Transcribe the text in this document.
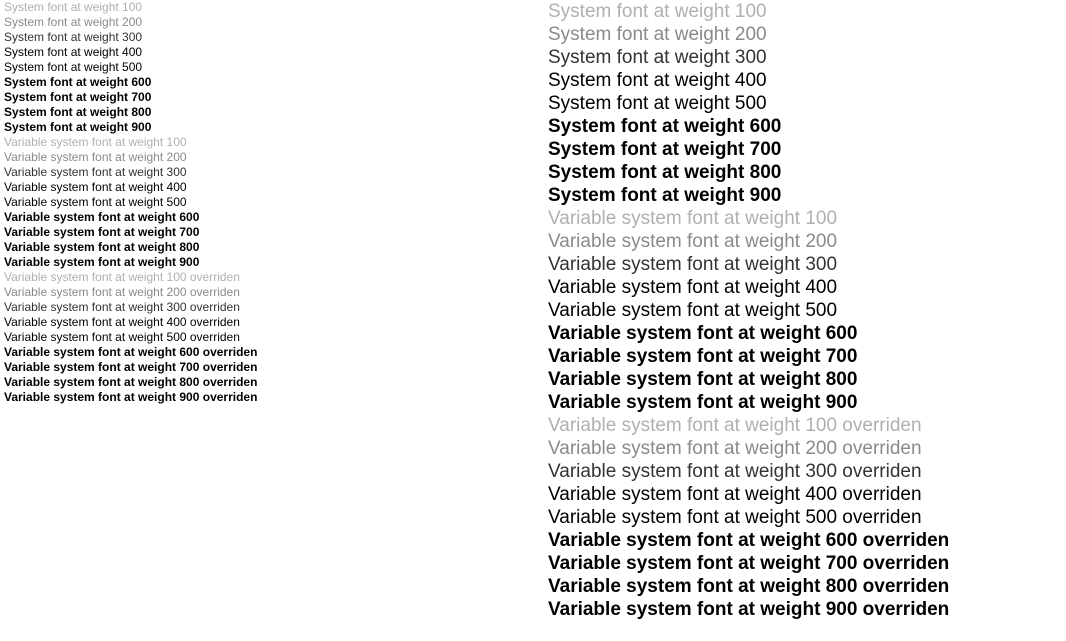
System font at weight 100
System font at weight 200
System font at weight 300
System font at weight 400
System font at weight 500
System font at weight 600
System font at weight 700
System font at weight 800
System font at weight 900
Variable system font at weight 100
Variable system font at weight 200
Variable system font at weight 300
Variable system font at weight 400
Variable system font at weight 500
Variable system font at weight 600
Variable system font at weight 700
Variable system font at weight 800
Variable system font at weight 900
Variable system font at weight 100 overriden
Variable system font at weight 200 overriden
Variable system font at weight 300 overriden
Variable system font at weight 400 overriden
Variable system font at weight 500 overriden
Variable system font at weight 600 overriden
Variable system font at weight 700 overriden
Variable system font at weight 800 overriden
Variable system font at weight 900 overriden
System font at weight 100
System font at weight 200
System font at weight 300
System font at weight 400
System font at weight 500
System font at weight 600
System font at weight 700
System font at weight 800
System font at weight 900
Variable system font at weight 100
Variable system font at weight 200
Variable system font at weight 300
Variable system font at weight 400
Variable system font at weight 500
Variable system font at weight 600
Variable system font at weight 700
Variable system font at weight 800
Variable system font at weight 900
Variable system font at weight 100 overriden
Variable system font at weight 200 overriden
Variable system font at weight 300 overriden
Variable system font at weight 400 overriden
Variable system font at weight 500 overriden
Variable system font at weight 600 overriden
Variable system font at weight 700 overriden
Variable system font at weight 800 overriden
Variable system font at weight 900 overriden
